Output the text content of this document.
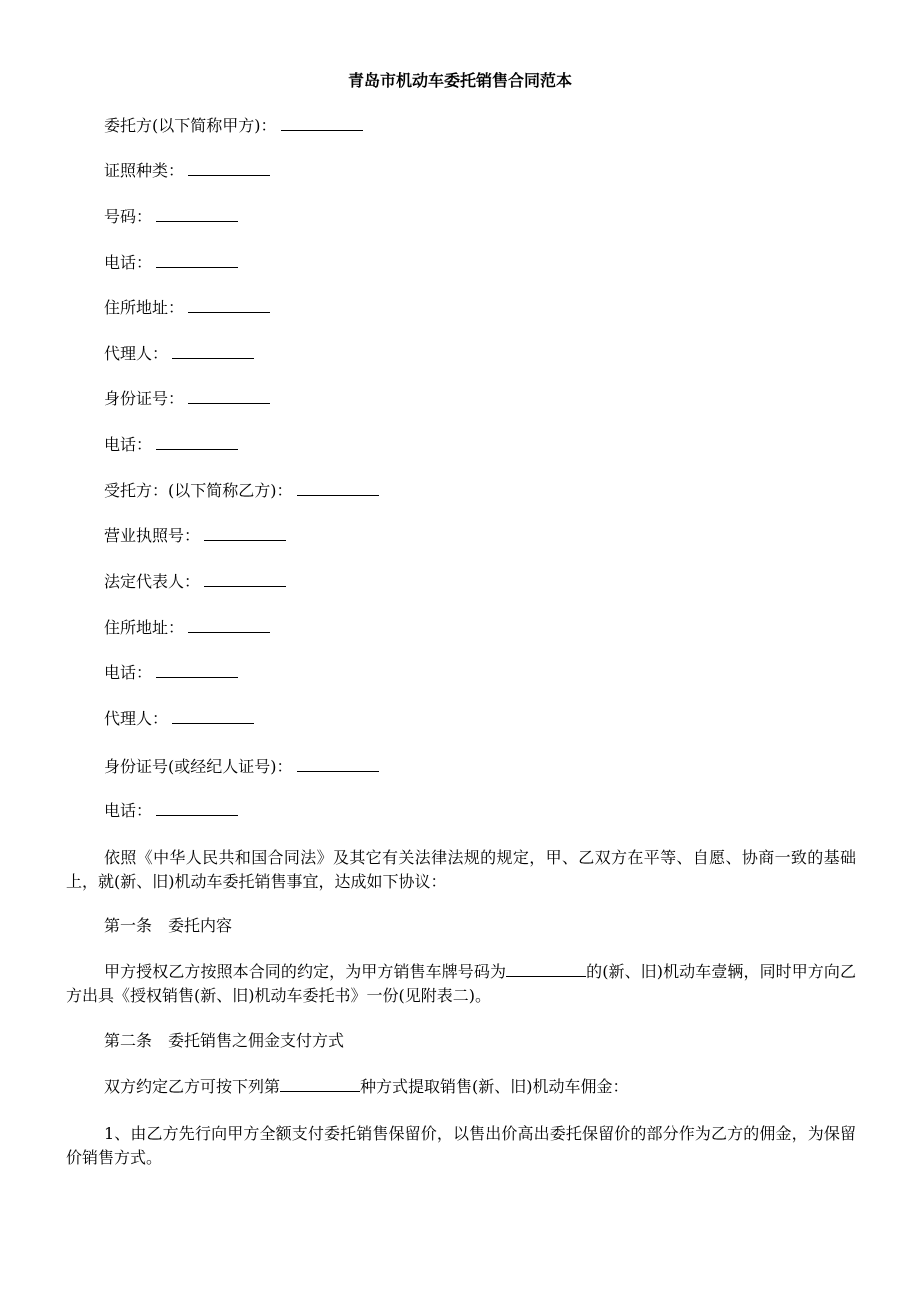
青岛市机动车委托销售合同范本
委托方(以下简称甲方)：
证照种类：
号码：
电话：
住所地址：
代理人：
身份证号：
电话：
受托方：(以下简称乙方)：
营业执照号：
法定代表人：
住所地址：
电话：
代理人：
身份证号(或经纪人证号)：
电话：
依照《中华人民共和国合同法》及其它有关法律法规的规定，甲、乙双方在平等、自愿、协商一致的基础上，就(新、旧)机动车委托销售事宜，达成如下协议：
第一条　委托内容
甲方授权乙方按照本合同的约定，为甲方销售车牌号码为	的(新、旧)机动车壹辆，同时甲方向乙方出具《授权销售(新、旧)机动车委托书》一份(见附表二)。
第二条　委托销售之佣金支付方式
双方约定乙方可按下列第	种方式提取销售(新、旧)机动车佣金：
1、由乙方先行向甲方全额支付委托销售保留价，以售出价高出委托保留价的部分作为乙方的佣金，为保留价销售方式。
